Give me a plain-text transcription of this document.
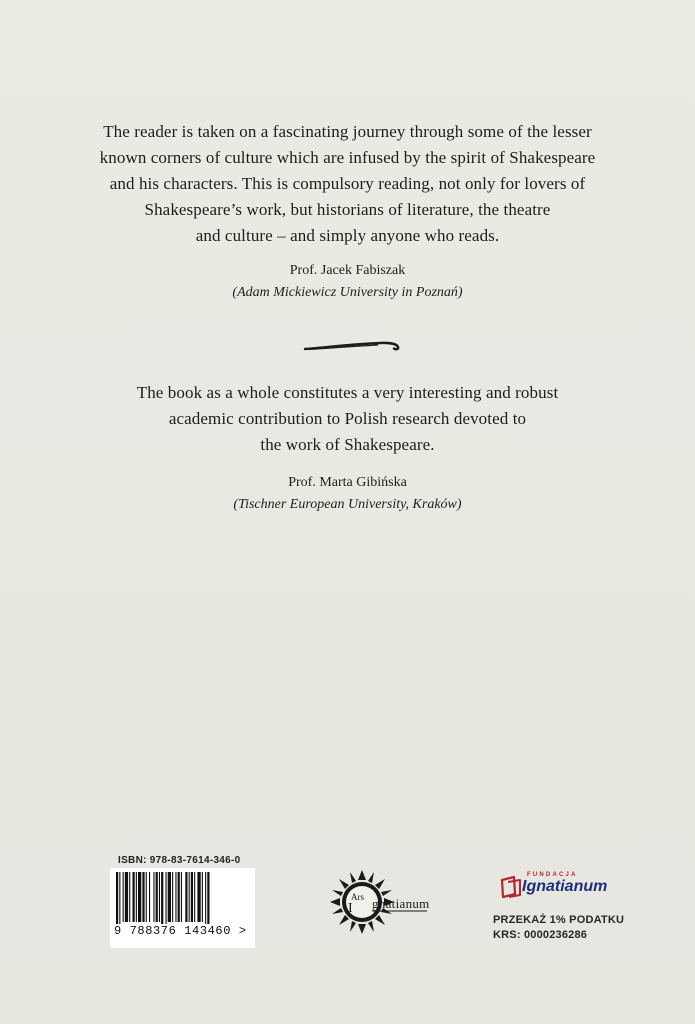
The reader is taken on a fascinating journey through some of the lesser

known corners of culture which are infused by the spirit of Shakespeare

and his characters. This is compulsory reading, not only for lovers of

Shakespeare’s work, but historians of literature, the theatre

and culture – and simply anyone who reads.

Prof. Jacek Fabiszak
(Adam Mickiewicz University in Poznań)

The book as a whole constitutes a very interesting and robust

academic contribution to Polish research devoted to

the work of Shakespeare.

Prof. Marta Gibińska
(Tischner European University, Kraków)
ISBN: 978-83-7614-346-0
9 788376 143460 >
Ars
I gnatianum
FUNDACJA
Ignatianum
PRZEKAŻ 1% PODATKU
KRS: 0000236286
